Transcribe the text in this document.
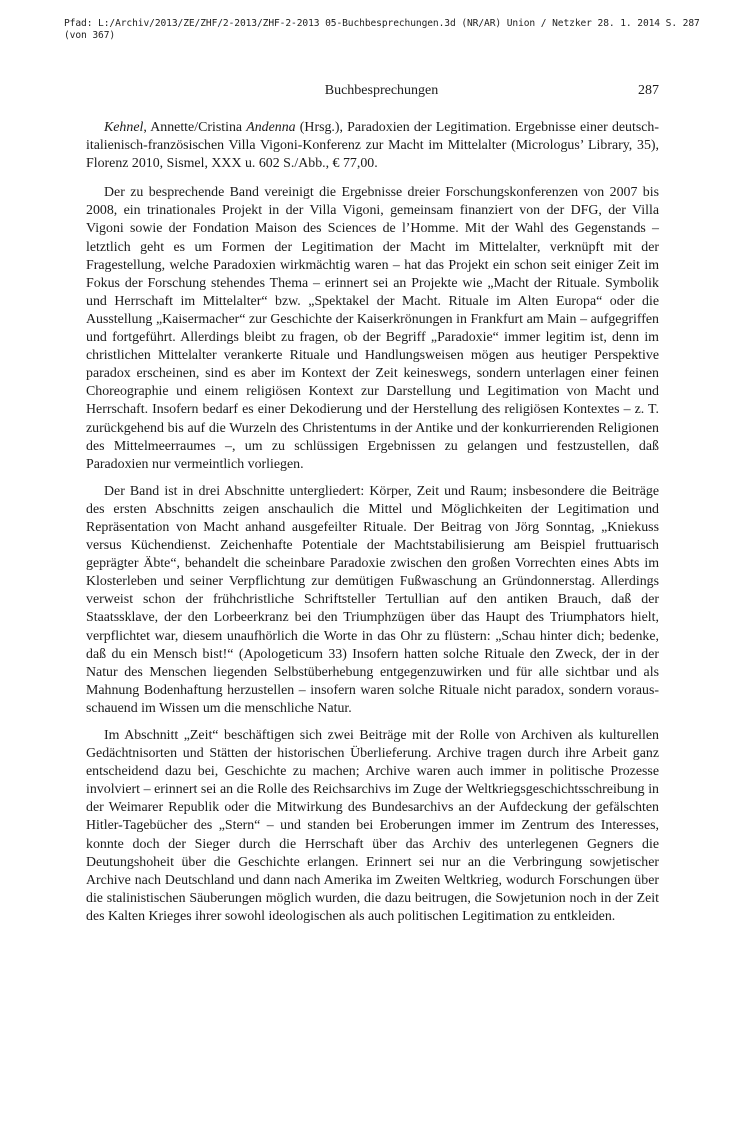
Pfad: L:/Archiv/2013/ZE/ZHF/2-2013/ZHF-2-2013 05-Buchbesprechungen.3d (NR/AR) Union / Netzker 28. 1. 2014 S. 287 (von 367)
Buchbesprechungen	287

Kehnel, Annette/Cristina Andenna (Hrsg.), Paradoxien der Legitimation. Ergebnisse einer deutsch-italienisch-französischen Villa Vigoni-Konferenz zur Macht im Mittelalter (Micrologus’ Library, 35), Florenz 2010, Sismel, XXX u. 602 S./Abb., € 77,00.

Der zu besprechende Band vereinigt die Ergebnisse dreier Forschungskonferenzen von 2007 bis 2008, ein trinationales Projekt in der Villa Vigoni, gemeinsam finanziert von der DFG, der Villa Vigoni sowie der Fondation Maison des Sciences de l’Homme. Mit der Wahl des Gegenstands – letztlich geht es um Formen der Legitimation der Macht im Mittelalter, verknüpft mit der Fragestellung, welche Paradoxien wirkmächtig waren – hat das Projekt ein schon seit einiger Zeit im Fokus der Forschung stehendes Thema – erinnert sei an Projekte wie „Macht der Rituale. Symbolik und Herrschaft im Mittelalter“ bzw. „Spektakel der Macht. Rituale im Alten Europa“ oder die Ausstellung „Kaisermacher“ zur Geschichte der Kaiserkrönungen in Frankfurt am Main – aufgegriffen und fortgeführt. Allerdings bleibt zu fragen, ob der Begriff „Paradoxie“ immer legitim ist, denn im christlichen Mittelalter verankerte Rituale und Handlungsweisen mögen aus heutiger Perspektive paradox erscheinen, sind es aber im Kontext der Zeit keineswegs, sondern unterlagen einer feinen Choreographie und einem religiösen Kontext zur Darstellung und Legitimation von Macht und Herrschaft. Insofern bedarf es einer Dekodierung und der Herstellung des religiösen Kontextes – z. T. zurückgehend bis auf die Wurzeln des Christentums in der Antike und der konkurrierenden Religionen des Mittelmeerraumes –, um zu schlüssigen Ergebnissen zu gelangen und festzustellen, daß Paradoxien nur vermeintlich vorliegen.

Der Band ist in drei Abschnitte untergliedert: Körper, Zeit und Raum; insbesondere die Beiträge des ersten Abschnitts zeigen anschaulich die Mittel und Möglichkeiten der Legitimation und Repräsentation von Macht anhand ausgefeilter Rituale. Der Beitrag von Jörg Sonntag, „Kniekuss versus Küchendienst. Zeichenhafte Potentiale der Machtstabilisierung am Beispiel fruttuarisch geprägter Äbte“, behandelt die scheinbare Paradoxie zwischen den großen Vorrechten eines Abts im Klosterleben und seiner Verpflichtung zur demütigen Fußwaschung an Gründonnerstag. Allerdings verweist schon der frühchristliche Schriftsteller Tertullian auf den antiken Brauch, daß der Staatssklave, der den Lorbeerkranz bei den Triumphzügen über das Haupt des Triumphators hielt, verpflichtet war, diesem unaufhörlich die Worte in das Ohr zu flüstern: „Schau hinter dich; bedenke, daß du ein Mensch bist!“ (Apologeticum 33) Insofern hatten solche Rituale den Zweck, der in der Natur des Menschen liegenden Selbstüberhebung entgegenzuwirken und für alle sichtbar und als Mahnung Bodenhaftung herzustellen – insofern waren solche Rituale nicht paradox, sondern vorausschauend im Wissen um die menschliche Natur.

Im Abschnitt „Zeit“ beschäftigen sich zwei Beiträge mit der Rolle von Archiven als kulturellen Gedächtnisorten und Stätten der historischen Überlieferung. Archive tragen durch ihre Arbeit ganz entscheidend dazu bei, Geschichte zu machen; Archive waren auch immer in politische Prozesse involviert – erinnert sei an die Rolle des Reichsarchivs im Zuge der Weltkriegsgeschichtsschreibung in der Weimarer Republik oder die Mitwirkung des Bundesarchivs an der Aufdeckung der gefälschten Hitler-Tagebücher des „Stern“ – und standen bei Eroberungen immer im Zentrum des Interesses, konnte doch der Sieger durch die Herrschaft über das Archiv des unterlegenen Gegners die Deutungshoheit über die Geschichte erlangen. Erinnert sei nur an die Verbringung sowjetischer Archive nach Deutschland und dann nach Amerika im Zweiten Weltkrieg, wodurch Forschungen über die stalinistischen Säuberungen möglich wurden, die dazu beitrugen, die Sowjetunion noch in der Zeit des Kalten Krieges ihrer sowohl ideologischen als auch politischen Legitimation zu entkleiden.
